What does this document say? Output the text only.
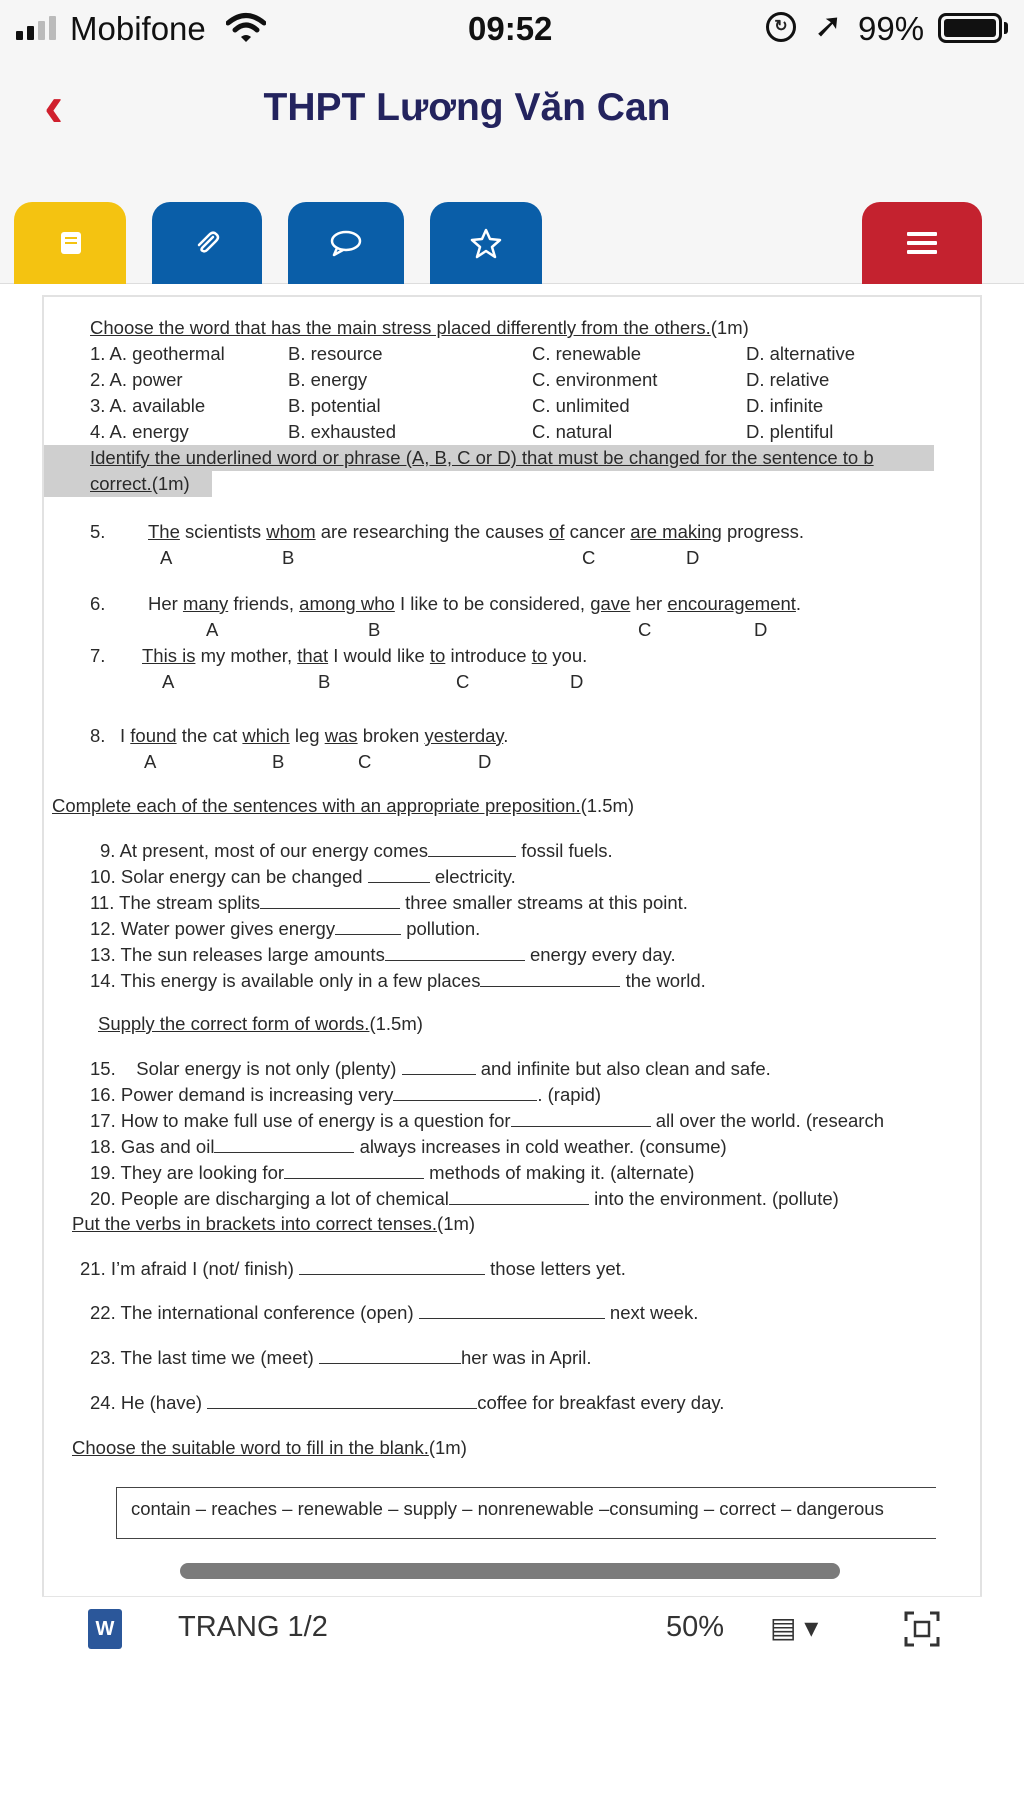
Mobifone	09:52	↻ ➚ 99%
‹	THPT Lương Văn Can
Choose the word that has the main stress placed differently from the others.(1m)
1. A. geothermal	B. resource	C. renewable	D. alternative
2. A. power	B. energy	C. environment	D. relative
3. A. available	B. potential	C. unlimited	D. infinite
4. A. energy	B. exhausted	C. natural	D. plentiful
Identify the underlined word or phrase (A, B, C or D) that must be changed for the sentence to b
correct.(1m)
5. The scientists whom are researching the causes of cancer are making progress.
A	B	C	D
6. Her many friends, among who I like to be considered, gave her encouragement.
A	B	C	D
7. This is my mother, that I would like to introduce to you.
A	B	C	D
8. I found the cat which leg was broken yesterday.
A	B	C	D
Complete each of the sentences with an appropriate preposition.(1.5m)
9. At present, most of our energy comes	fossil fuels.
10. Solar energy can be changed	electricity.
11. The stream splits	three smaller streams at this point.
12. Water power gives energy	pollution.
13. The sun releases large amounts	energy every day.
14. This energy is available only in a few places	the world.
Supply the correct form of words.(1.5m)
15. Solar energy is not only (plenty)	and infinite but also clean and safe.
16. Power demand is increasing very	. (rapid)
17. How to make full use of energy is a question for	all over the world. (research
18. Gas and oil	always increases in cold weather. (consume)
19. They are looking for	methods of making it. (alternate)
20. People are discharging a lot of chemical	into the environment. (pollute)
Put the verbs in brackets into correct tenses.(1m)
21. I’m afraid I (not/ finish)	those letters yet.
22. The international conference (open)	next week.
23. The last time we (meet)	her was in April.
24. He (have)	coffee for breakfast every day.
Choose the suitable word to fill in the blank.(1m)
contain – reaches – renewable – supply – nonrenewable –consuming – correct – dangerous
W TRANG 1/2	50% ▤ ▾
